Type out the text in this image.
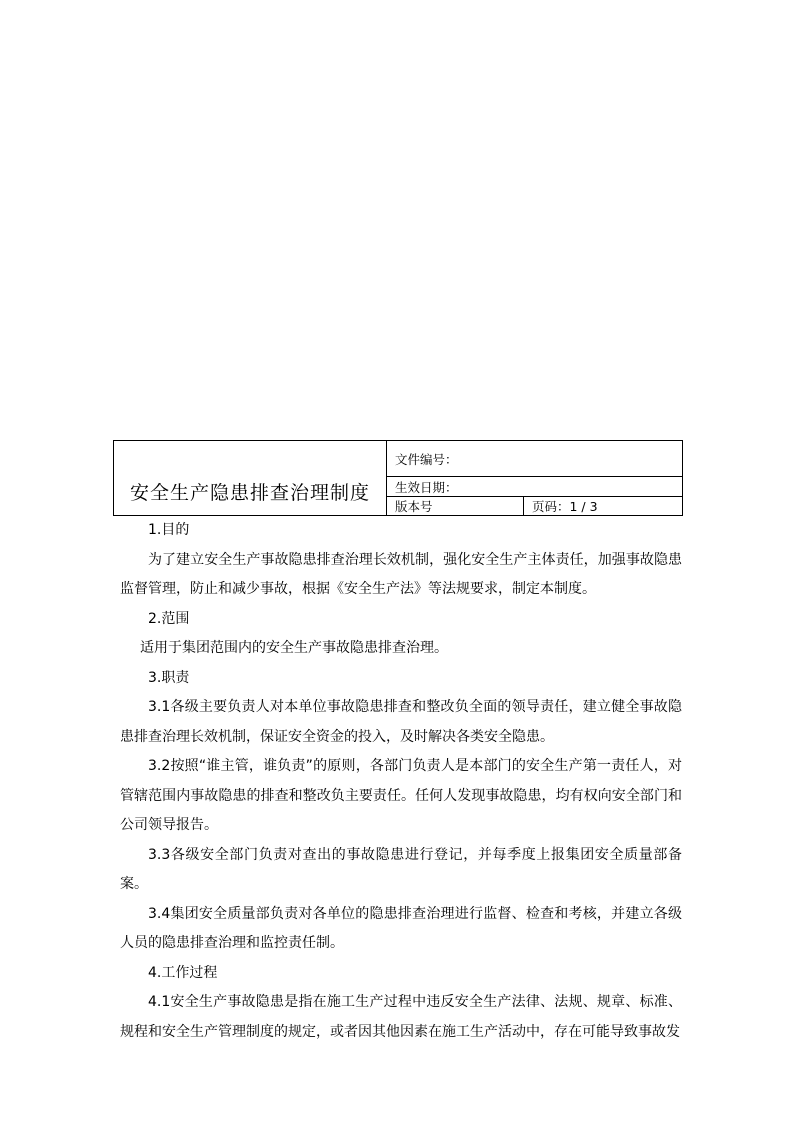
安全生产隐患排查治理制度	文件编号：	
	生效日期：	
	版本号	页码：1 / 3

1.目的

为了建立安全生产事故隐患排查治理长效机制，强化安全生产主体责任，加强事故隐患监督管理，防止和减少事故，根据《安全生产法》等法规要求，制定本制度。

2.范围

适用于集团范围内的安全生产事故隐患排查治理。

3.职责

3.1各级主要负责人对本单位事故隐患排查和整改负全面的领导责任，建立健全事故隐患排查治理长效机制，保证安全资金的投入，及时解决各类安全隐患。

3.2按照“谁主管，谁负责”的原则，各部门负责人是本部门的安全生产第一责任人，对管辖范围内事故隐患的排查和整改负主要责任。任何人发现事故隐患，均有权向安全部门和公司领导报告。

3.3各级安全部门负责对查出的事故隐患进行登记，并每季度上报集团安全质量部备案。

3.4集团安全质量部负责对各单位的隐患排查治理进行监督、检查和考核，并建立各级人员的隐患排查治理和监控责任制。

4.工作过程

4.1安全生产事故隐患是指在施工生产过程中违反安全生产法律、法规、规章、标准、规程和安全生产管理制度的规定，或者因其他因素在施工生产活动中，存在可能导致事故发
